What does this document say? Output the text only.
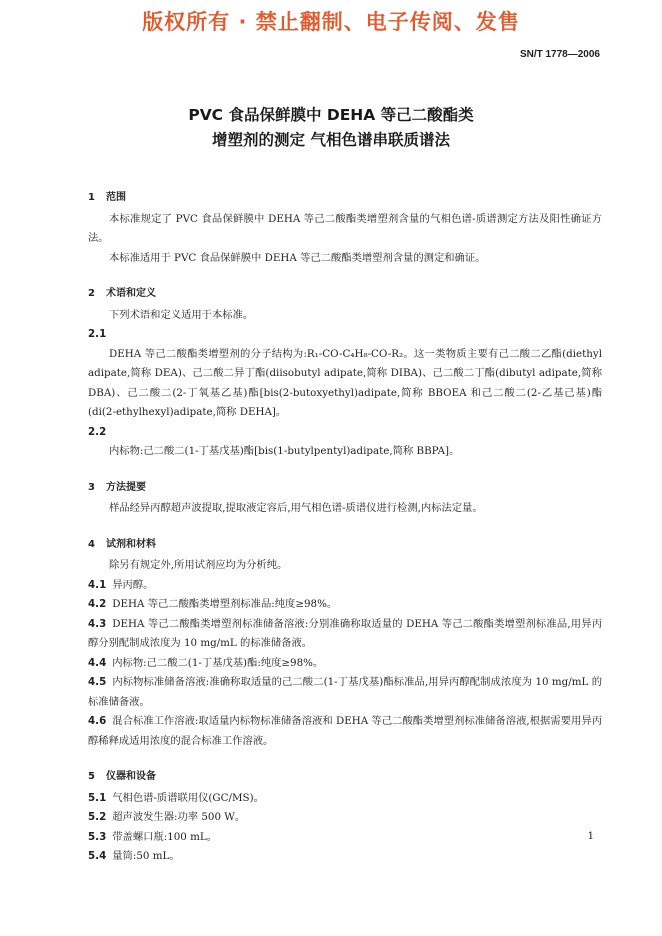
版权所有 · 禁止翻制、电子传阅、发售
SN/T 1778—2006
PVC 食品保鲜膜中 DEHA 等己二酸酯类
增塑剂的测定 气相色谱串联质谱法
1 范围

本标准规定了 PVC 食品保鲜膜中 DEHA 等己二酸酯类增塑剂含量的气相色谱-质谱测定方法及阳性确证方法。

本标准适用于 PVC 食品保鲜膜中 DEHA 等己二酸酯类增塑剂含量的测定和确证。

2 术语和定义

下列术语和定义适用于本标准。

2.1

DEHA 等己二酸酯类增塑剂的分子结构为:R₁-CO-C₄H₈-CO-R₂。这一类物质主要有己二酸二乙酯(diethyl adipate,简称 DEA)、己二酸二异丁酯(diisobutyl adipate,简称 DIBA)、己二酸二丁酯(dibutyl adipate,简称 DBA)、己二酸二(2-丁氧基乙基)酯[bis(2-butoxyethyl)adipate,简称 BBOEA 和己二酸二(2-乙基己基)酯(di(2-ethylhexyl)adipate,简称 DEHA]。

2.2

内标物:己二酸二(1-丁基戊基)酯[bis(1-butylpentyl)adipate,简称 BBPA]。

3 方法提要

样品经异丙醇超声波提取,提取液定容后,用气相色谱-质谱仪进行检测,内标法定量。

4 试剂和材料

除另有规定外,所用试剂应均为分析纯。

4.1 异丙醇。

4.2 DEHA 等己二酸酯类增塑剂标准品:纯度≥98%。

4.3 DEHA 等己二酸酯类增塑剂标准储备溶液:分别准确称取适量的 DEHA 等己二酸酯类增塑剂标准品,用异丙醇分别配制成浓度为 10 mg/mL 的标准储备液。

4.4 内标物:己二酸二(1-丁基戊基)酯:纯度≥98%。

4.5 内标物标准储备溶液:准确称取适量的己二酸二(1-丁基戊基)酯标准品,用异丙醇配制成浓度为 10 mg/mL 的标准储备液。

4.6 混合标准工作溶液:取适量内标物标准储备溶液和 DEHA 等己二酸酯类增塑剂标准储备溶液,根据需要用异丙醇稀释成适用浓度的混合标准工作溶液。

5 仪器和设备

5.1 气相色谱-质谱联用仪(GC/MS)。

5.2 超声波发生器:功率 500 W。

5.3 带盖螺口瓶:100 mL。

5.4 量筒:50 mL。

1
